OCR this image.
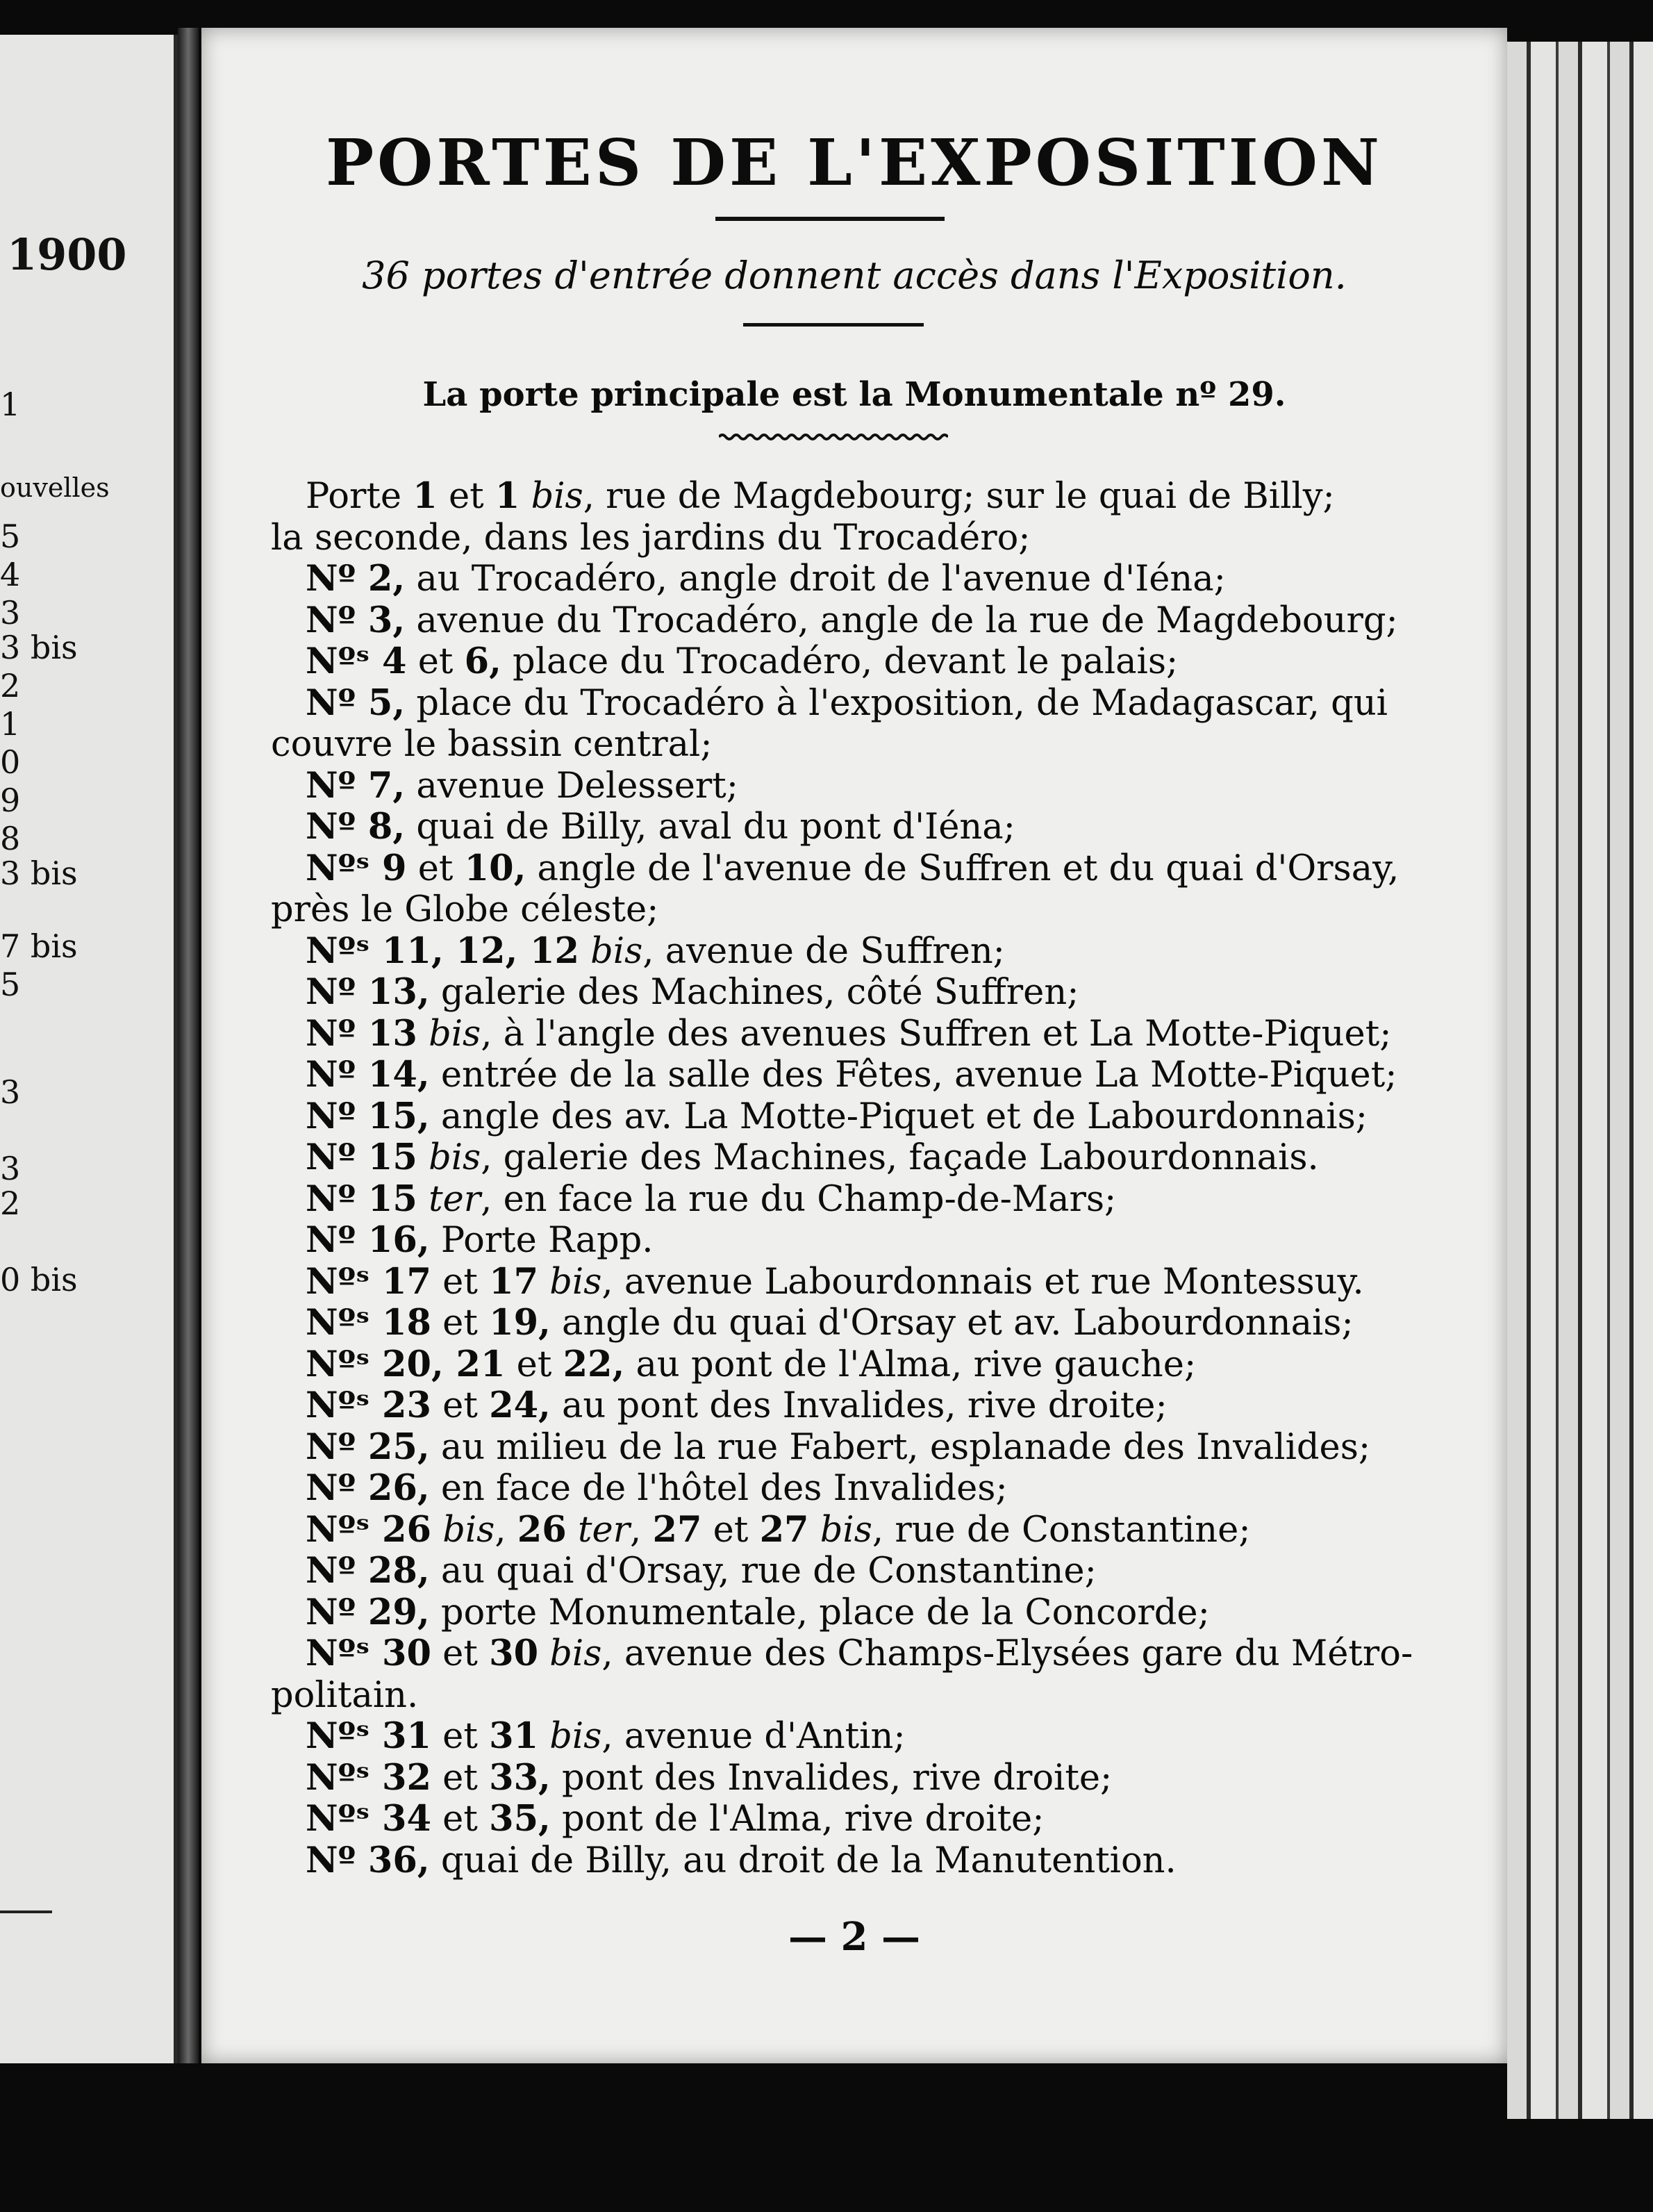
1900
1
ouvelles
5
4
3
3 bis
2
1
0
9
8
3 bis
7 bis
5
3
3
2
0 bis
PORTES DE L'EXPOSITION
36 portes d'entrée donnent accès dans l'Exposition.
La porte principale est la Monumentale nº 29.
Porte 1 et 1 bis, rue de Magdebourg; sur le quai de Billy;
la seconde, dans les jardins du Trocadéro;
Nº 2, au Trocadéro, angle droit de l'avenue d'Iéna;
Nº 3, avenue du Trocadéro, angle de la rue de Magdebourg;
Nºˢ 4 et 6, place du Trocadéro, devant le palais;
Nº 5, place du Trocadéro à l'exposition, de Madagascar, qui
couvre le bassin central;
Nº 7, avenue Delessert;
Nº 8, quai de Billy, aval du pont d'Iéna;
Nºˢ 9 et 10, angle de l'avenue de Suffren et du quai d'Orsay,
près le Globe céleste;
Nºˢ 11, 12, 12 bis, avenue de Suffren;
Nº 13, galerie des Machines, côté Suffren;
Nº 13 bis, à l'angle des avenues Suffren et La Motte-Piquet;
Nº 14, entrée de la salle des Fêtes, avenue La Motte-Piquet;
Nº 15, angle des av. La Motte-Piquet et de Labourdonnais;
Nº 15 bis, galerie des Machines, façade Labourdonnais.
Nº 15 ter, en face la rue du Champ-de-Mars;
Nº 16, Porte Rapp.
Nºˢ 17 et 17 bis, avenue Labourdonnais et rue Montessuy.
Nºˢ 18 et 19, angle du quai d'Orsay et av. Labourdonnais;
Nºˢ 20, 21 et 22, au pont de l'Alma, rive gauche;
Nºˢ 23 et 24, au pont des Invalides, rive droite;
Nº 25, au milieu de la rue Fabert, esplanade des Invalides;
Nº 26, en face de l'hôtel des Invalides;
Nºˢ 26 bis, 26 ter, 27 et 27 bis, rue de Constantine;
Nº 28, au quai d'Orsay, rue de Constantine;
Nº 29, porte Monumentale, place de la Concorde;
Nºˢ 30 et 30 bis, avenue des Champs-Elysées gare du Métro-
politain.
Nºˢ 31 et 31 bis, avenue d'Antin;
Nºˢ 32 et 33, pont des Invalides, rive droite;
Nºˢ 34 et 35, pont de l'Alma, rive droite;
Nº 36, quai de Billy, au droit de la Manutention.
— 2 —
